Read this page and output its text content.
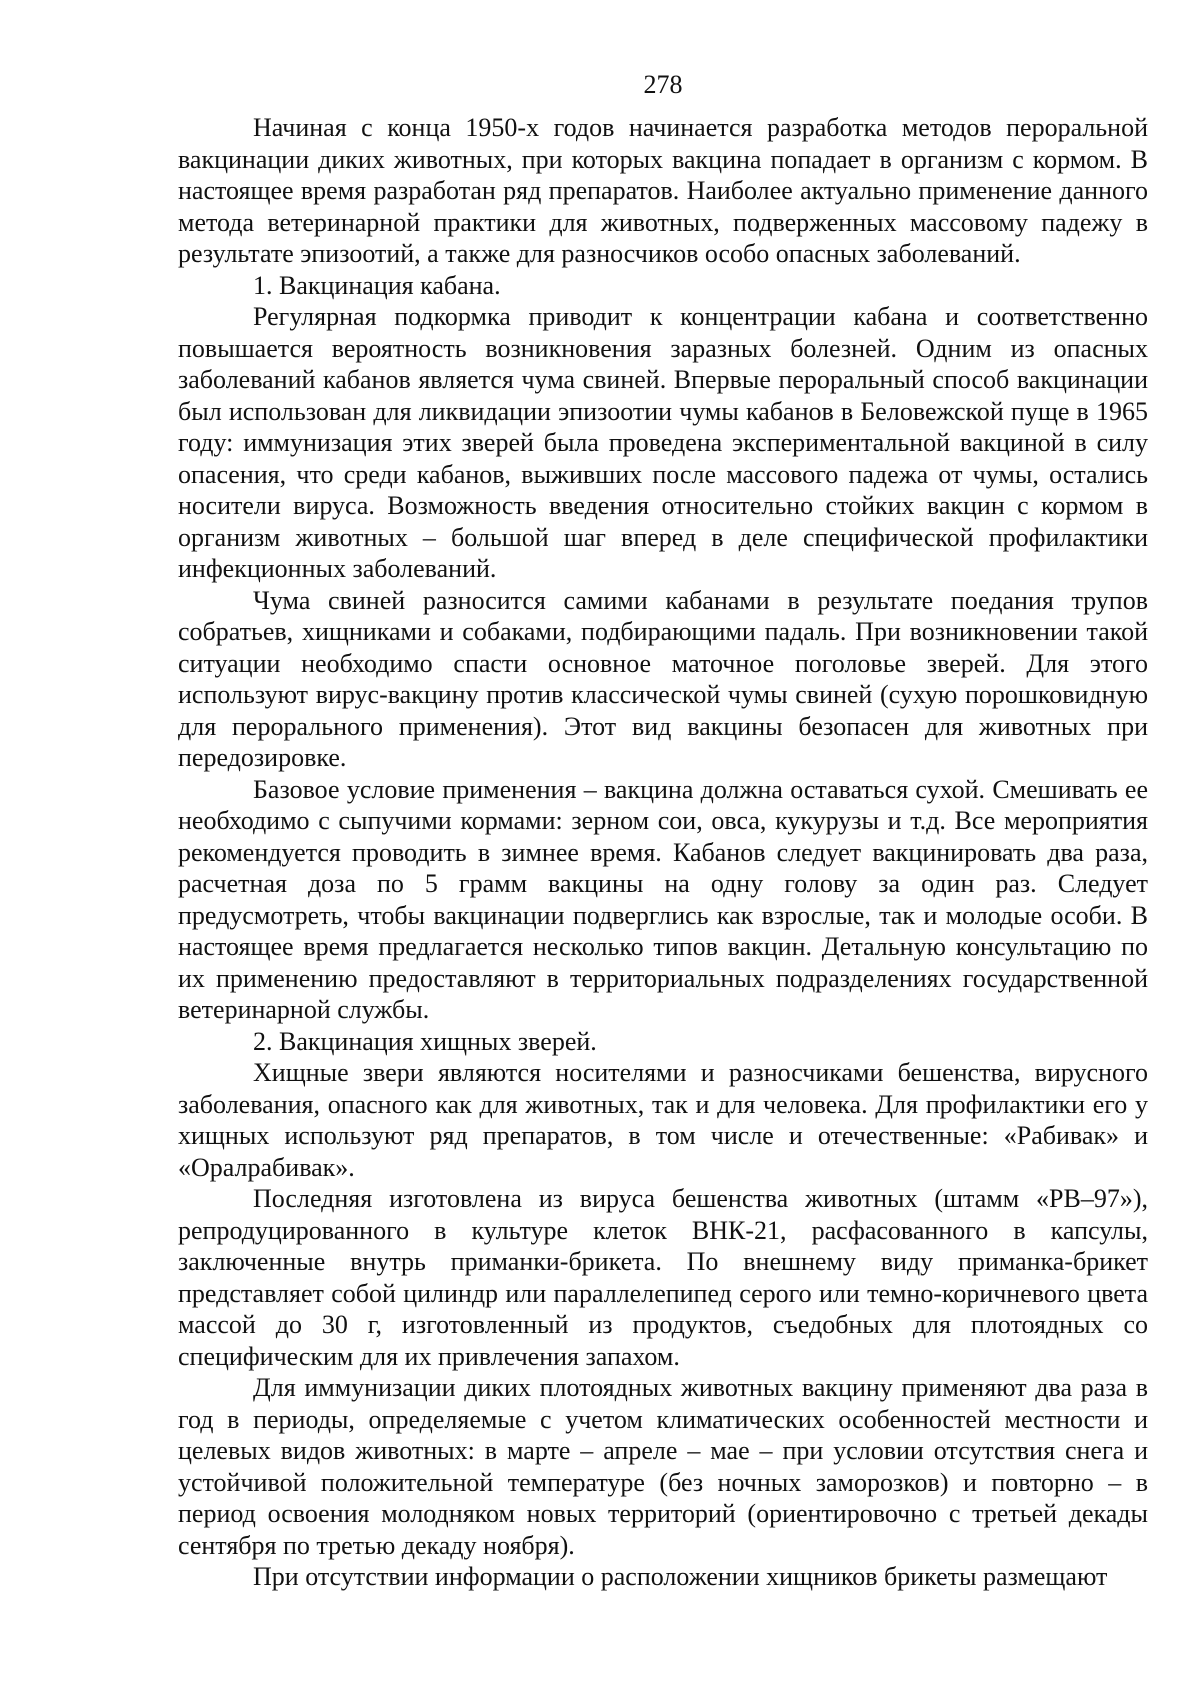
278

Начиная с конца 1950-х годов начинается разработка методов пероральной вакцинации диких животных, при которых вакцина попадает в организм с кормом. В настоящее время разработан ряд препаратов. Наиболее актуально применение данного метода ветеринарной практики для животных, подверженных массовому падежу в результате эпизоотий, а также для разносчиков особо опасных заболеваний.

1. Вакцинация кабана.

Регулярная подкормка приводит к концентрации кабана и соответственно повышается вероятность возникновения заразных болезней. Одним из опасных заболеваний кабанов является чума свиней. Впервые пероральный способ вакцинации был использован для ликвидации эпизоотии чумы кабанов в Беловежской пуще в 1965 году: иммунизация этих зверей была проведена экспериментальной вакциной в силу опасения, что среди кабанов, выживших после массового падежа от чумы, остались носители вируса. Возможность введения относительно стойких вакцин с кормом в организм животных – большой шаг вперед в деле специфической профилактики инфекционных заболеваний.

Чума свиней разносится самими кабанами в результате поедания трупов собратьев, хищниками и собаками, подбирающими падаль. При возникновении такой ситуации необходимо спасти основное маточное поголовье зверей. Для этого используют вирус-вакцину против классической чумы свиней (сухую порошковидную для перорального применения). Этот вид вакцины безопасен для животных при передозировке.

Базовое условие применения – вакцина должна оставаться сухой. Смешивать ее необходимо с сыпучими кормами: зерном сои, овса, кукурузы и т.д. Все мероприятия рекомендуется проводить в зимнее время. Кабанов следует вакцинировать два раза, расчетная доза по 5 грамм вакцины на одну голову за один раз. Следует предусмотреть, чтобы вакцинации подверглись как взрослые, так и молодые особи. В настоящее время предлагается несколько типов вакцин. Детальную консультацию по их применению предоставляют в территориальных подразделениях государственной ветеринарной службы.

2. Вакцинация хищных зверей.

Хищные звери являются носителями и разносчиками бешенства, вирусного заболевания, опасного как для животных, так и для человека. Для профилактики его у хищных используют ряд препаратов, в том числе и отечественные: «Рабивак» и «Оралрабивак».

Последняя изготовлена из вируса бешенства животных (штамм «РВ–97»), репродуцированного в культуре клеток ВНК-21, расфасованного в капсулы, заключенные внутрь приманки-брикета. По внешнему виду приманка-брикет представляет собой цилиндр или параллелепипед серого или темно-коричневого цвета массой до 30 г, изготовленный из продуктов, съедобных для плотоядных со специфическим для их привлечения запахом.

Для иммунизации диких плотоядных животных вакцину применяют два раза в год в периоды, определяемые с учетом климатических особенностей местности и целевых видов животных: в марте – апреле – мае – при условии отсутствия снега и устойчивой положительной температуре (без ночных заморозков) и повторно – в период освоения молодняком новых территорий (ориентировочно с третьей декады сентября по третью декаду ноября).

При отсутствии информации о расположении хищников брикеты размещают
